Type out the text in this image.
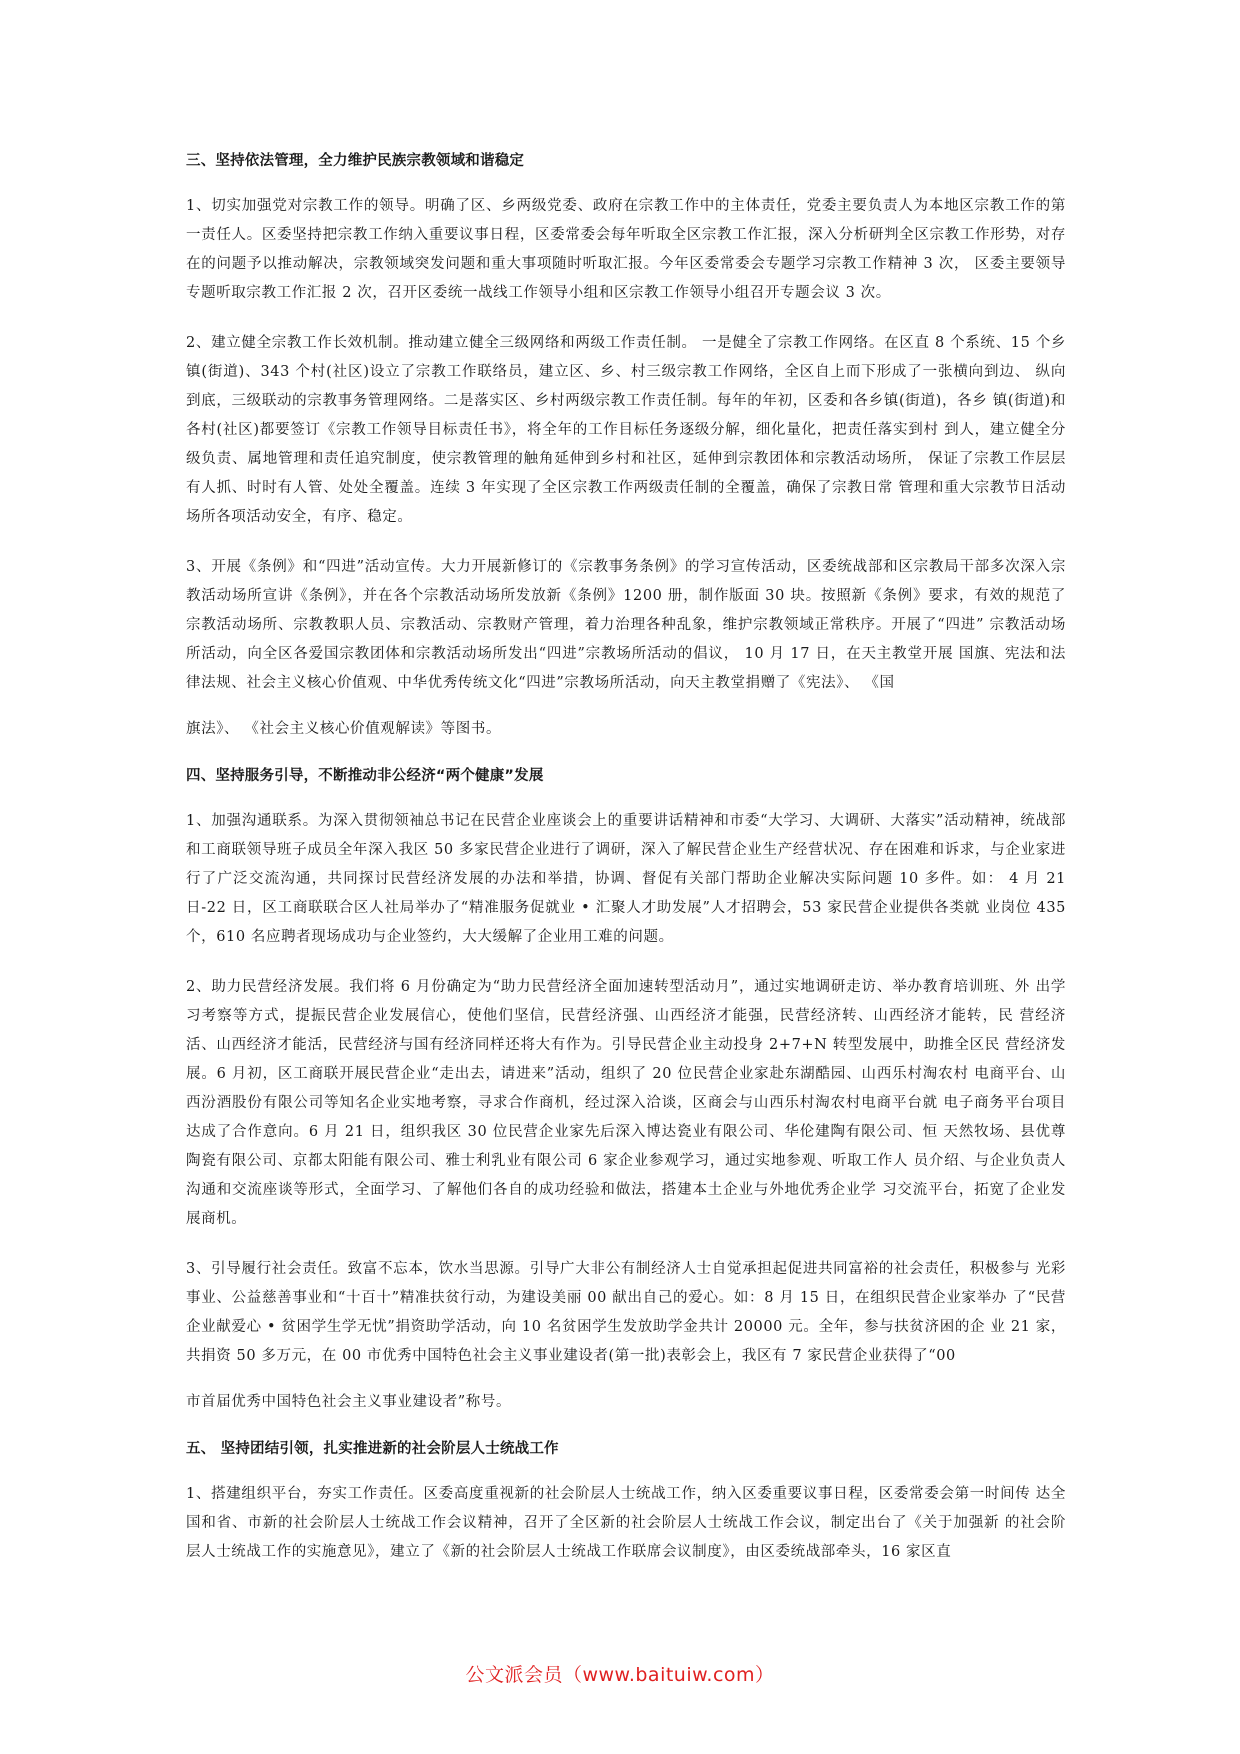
三、坚持依法管理，全力维护民族宗教领域和谐稳定
1、切实加强党对宗教工作的领导。明确了区、乡两级党委、政府在宗教工作中的主体责任，党委主要负责人为本地区宗教工作的第一责任人。区委坚持把宗教工作纳入重要议事日程，区委常委会每年听取全区宗教工作汇报，深入分析研判全区宗教工作形势，对存在的问题予以推动解决，宗教领域突发问题和重大事项随时听取汇报。今年区委常委会专题学习宗教工作精神 3 次， 区委主要领导专题听取宗教工作汇报 2 次，召开区委统一战线工作领导小组和区宗教工作领导小组召开专题会议 3 次。
2、建立健全宗教工作长效机制。推动建立健全三级网络和两级工作责任制。 一是健全了宗教工作网络。在区直 8 个系统、15 个乡镇(街道)、343 个村(社区)设立了宗教工作联络员，建立区、乡、村三级宗教工作网络，全区自上而下形成了一张横向到边、 纵向到底，三级联动的宗教事务管理网络。二是落实区、乡村两级宗教工作责任制。每年的年初，区委和各乡镇(街道)，各乡 镇(街道)和各村(社区)都要签订《宗教工作领导目标责任书》，将全年的工作目标任务逐级分解，细化量化，把责任落实到村 到人，建立健全分级负责、属地管理和责任追究制度，使宗教管理的触角延伸到乡村和社区，延伸到宗教团体和宗教活动场所， 保证了宗教工作层层有人抓、时时有人管、处处全覆盖。连续 3 年实现了全区宗教工作两级责任制的全覆盖，确保了宗教日常 管理和重大宗教节日活动场所各项活动安全，有序、稳定。
3、开展《条例》和“四进”活动宣传。大力开展新修订的《宗教事务条例》的学习宣传活动，区委统战部和区宗教局干部多次深入宗教活动场所宣讲《条例》，并在各个宗教活动场所发放新《条例》1200 册，制作版面 30 块。按照新《条例》要求，有效的规范了宗教活动场所、宗教教职人员、宗教活动、宗教财产管理，着力治理各种乱象，维护宗教领域正常秩序。开展了“四进” 宗教活动场所活动，向全区各爱国宗教团体和宗教活动场所发出“四进”宗教场所活动的倡议， 10 月 17 日，在天主教堂开展 国旗、宪法和法律法规、社会主义核心价值观、中华优秀传统文化“四进”宗教场所活动，向天主教堂捐赠了《宪法》、 《国
旗法》、 《社会主义核心价值观解读》等图书。
四、坚持服务引导，不断推动非公经济“两个健康”发展
1、加强沟通联系。为深入贯彻领袖总书记在民营企业座谈会上的重要讲话精神和市委“大学习、大调研、大落实”活动精神，统战部和工商联领导班子成员全年深入我区 50 多家民营企业进行了调研，深入了解民营企业生产经营状况、存在困难和诉求，与企业家进行了广泛交流沟通，共同探讨民营经济发展的办法和举措，协调、督促有关部门帮助企业解决实际问题 10 多件。如： 4 月 21 日-22 日，区工商联联合区人社局举办了“精准服务促就业 • 汇聚人才助发展”人才招聘会，53 家民营企业提供各类就 业岗位 435 个，610 名应聘者现场成功与企业签约，大大缓解了企业用工难的问题。
2、助力民营经济发展。我们将 6 月份确定为“助力民营经济全面加速转型活动月”，通过实地调研走访、举办教育培训班、外 出学习考察等方式，提振民营企业发展信心，使他们坚信，民营经济强、山西经济才能强，民营经济转、山西经济才能转，民 营经济活、山西经济才能活，民营经济与国有经济同样还将大有作为。引导民营企业主动投身 2+7+N 转型发展中，助推全区民 营经济发展。6 月初，区工商联开展民营企业“走出去，请进来”活动，组织了 20 位民营企业家赴东湖酷园、山西乐村淘农村 电商平台、山西汾酒股份有限公司等知名企业实地考察，寻求合作商机，经过深入洽谈，区商会与山西乐村淘农村电商平台就 电子商务平台项目达成了合作意向。6 月 21 日，组织我区 30 位民营企业家先后深入博达瓷业有限公司、华伦建陶有限公司、恒 天然牧场、县优尊陶瓷有限公司、京都太阳能有限公司、雅士利乳业有限公司 6 家企业参观学习，通过实地参观、听取工作人 员介绍、与企业负责人沟通和交流座谈等形式，全面学习、了解他们各自的成功经验和做法，搭建本土企业与外地优秀企业学 习交流平台，拓宽了企业发展商机。
3、引导履行社会责任。致富不忘本，饮水当思源。引导广大非公有制经济人士自觉承担起促进共同富裕的社会责任，积极参与 光彩事业、公益慈善事业和“十百十”精准扶贫行动，为建设美丽 00 献出自己的爱心。如：8 月 15 日，在组织民营企业家举办 了“民营企业献爱心 • 贫困学生学无忧”捐资助学活动，向 10 名贫困学生发放助学金共计 20000 元。全年，参与扶贫济困的企 业 21 家，共捐资 50 多万元，在 00 市优秀中国特色社会主义事业建设者(第一批)表彰会上，我区有 7 家民营企业获得了“00
市首届优秀中国特色社会主义事业建设者”称号。
五、 坚持团结引领，扎实推进新的社会阶层人士统战工作
1、搭建组织平台，夯实工作责任。区委高度重视新的社会阶层人士统战工作，纳入区委重要议事日程，区委常委会第一时间传 达全国和省、市新的社会阶层人士统战工作会议精神，召开了全区新的社会阶层人士统战工作会议，制定出台了《关于加强新 的社会阶层人士统战工作的实施意见》，建立了《新的社会阶层人士统战工作联席会议制度》，由区委统战部牵头，16 家区直
公文派会员（www.baituiw.com）
